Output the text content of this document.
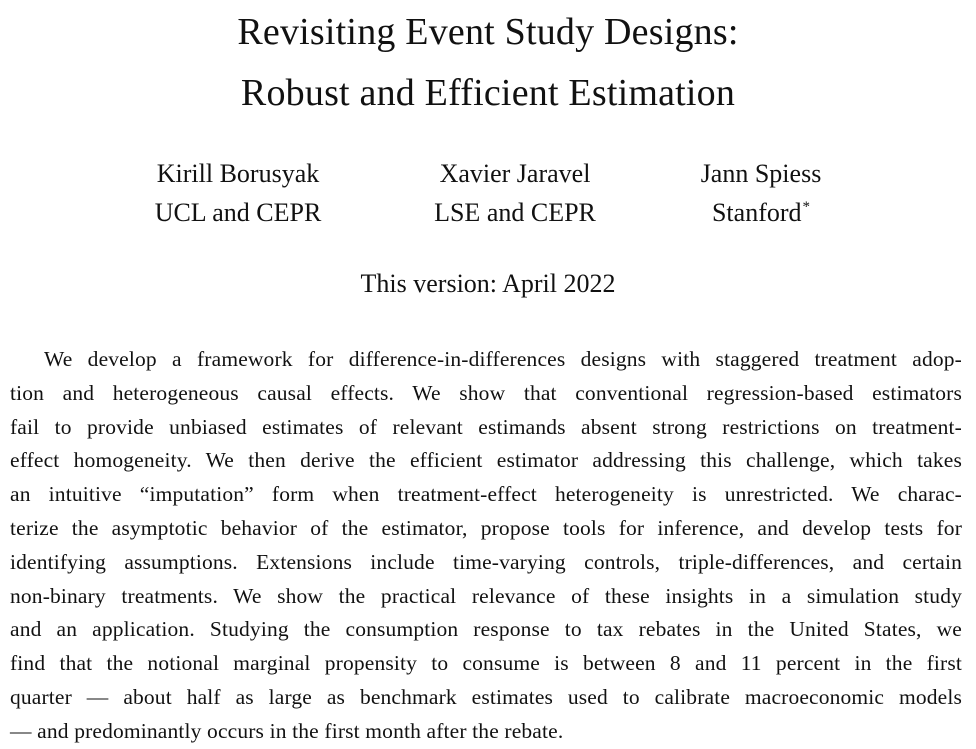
Revisiting Event Study Designs:
Robust and Efficient Estimation
Kirill Borusyak
UCL and CEPR
Xavier Jaravel
LSE and CEPR
Jann Spiess
Stanford*
This version: April 2022
We develop a framework for difference-in-differences designs with staggered treatment adop-
tion and heterogeneous causal effects. We show that conventional regression-based estimators
fail to provide unbiased estimates of relevant estimands absent strong restrictions on treatment-
effect homogeneity. We then derive the efficient estimator addressing this challenge, which takes
an intuitive “imputation” form when treatment-effect heterogeneity is unrestricted. We charac-
terize the asymptotic behavior of the estimator, propose tools for inference, and develop tests for
identifying assumptions. Extensions include time-varying controls, triple-differences, and certain
non-binary treatments. We show the practical relevance of these insights in a simulation study
and an application. Studying the consumption response to tax rebates in the United States, we
find that the notional marginal propensity to consume is between 8 and 11 percent in the first
quarter — about half as large as benchmark estimates used to calibrate macroeconomic models
— and predominantly occurs in the first month after the rebate.
